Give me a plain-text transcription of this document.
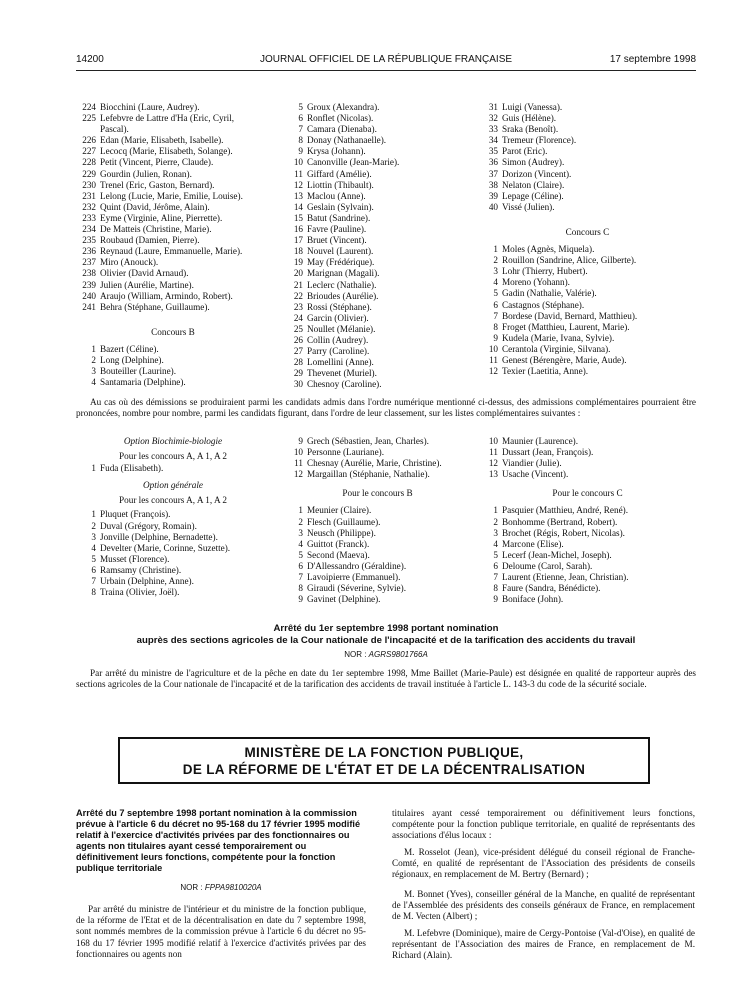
14200	JOURNAL OFFICIEL DE LA RÉPUBLIQUE FRANÇAISE	17 septembre 1998
224 Biocchini (Laure, Audrey).
225 Lefebvre de Lattre d'Ha (Eric, Cyril,
Pascal).
226 Edan (Marie, Elisabeth, Isabelle).
227 Lecocq (Marie, Elisabeth, Solange).
228 Petit (Vincent, Pierre, Claude).
229 Gourdin (Julien, Ronan).
230 Trenel (Eric, Gaston, Bernard).
231 Lelong (Lucie, Marie, Emilie, Louise).
232 Quint (David, Jérôme, Alain).
233 Eyme (Virginie, Aline, Pierrette).
234 De Matteis (Christine, Marie).
235 Roubaud (Damien, Pierre).
236 Reynaud (Laure, Emmanuelle, Marie).
237 Miro (Anouck).
238 Olivier (David Arnaud).
239 Julien (Aurélie, Martine).
240 Araujo (William, Armindo, Robert).
241 Behra (Stéphane, Guillaume).
Concours B
1 Bazert (Céline).
2 Long (Delphine).
3 Bouteiller (Laurine).
4 Santamaria (Delphine).
5 Groux (Alexandra).
6 Ronflet (Nicolas).
7 Camara (Dienaba).
8 Donay (Nathanaelle).
9 Krysa (Johann).
10 Canonville (Jean-Marie).
11 Giffard (Amélie).
12 Liottin (Thibault).
13 Maclou (Anne).
14 Geslain (Sylvain).
15 Batut (Sandrine).
16 Favre (Pauline).
17 Bruet (Vincent).
18 Nouvel (Laurent).
19 May (Frédérique).
20 Marignan (Magali).
21 Leclerc (Nathalie).
22 Brioudes (Aurélie).
23 Rossi (Stéphane).
24 Garcin (Olivier).
25 Noullet (Mélanie).
26 Collin (Audrey).
27 Parry (Caroline).
28 Lomellini (Anne).
29 Thevenet (Muriel).
30 Chesnoy (Caroline).
31 Luigi (Vanessa).
32 Guis (Hélène).
33 Sraka (Benoît).
34 Tremeur (Florence).
35 Parot (Eric).
36 Simon (Audrey).
37 Dorizon (Vincent).
38 Nelaton (Claire).
39 Lepage (Céline).
40 Vissé (Julien).
Concours C
1 Moles (Agnès, Miquela).
2 Rouillon (Sandrine, Alice, Gilberte).
3 Lohr (Thierry, Hubert).
4 Moreno (Yohann).
5 Gadin (Nathalie, Valérie).
6 Castagnos (Stéphane).
7 Bordese (David, Bernard, Matthieu).
8 Froget (Matthieu, Laurent, Marie).
9 Kudela (Marie, Ivana, Sylvie).
10 Cerantola (Virginie, Silvana).
11 Genest (Bérengère, Marie, Aude).
12 Texier (Laetitia, Anne).
Au cas où des démissions se produiraient parmi les candidats admis dans l'ordre numérique mentionné ci-dessus, des admissions complémentaires pourraient être prononcées, nombre pour nombre, parmi les candidats figurant, dans l'ordre de leur classement, sur les listes complémentaires suivantes :
Option Biochimie-biologie
Pour les concours A, A 1, A 2
1 Fuda (Elisabeth).
Option générale
Pour les concours A, A 1, A 2
1 Pluquet (François).
2 Duval (Grégory, Romain).
3 Jonville (Delphine, Bernadette).
4 Develter (Marie, Corinne, Suzette).
5 Musset (Florence).
6 Ramsamy (Christine).
7 Urbain (Delphine, Anne).
8 Traina (Olivier, Joël).
9 Grech (Sébastien, Jean, Charles).
10 Personne (Lauriane).
11 Chesnay (Aurélie, Marie, Christine).
12 Margaillan (Stéphanie, Nathalie).
Pour le concours B
1 Meunier (Claire).
2 Flesch (Guillaume).
3 Neusch (Philippe).
4 Guittot (Franck).
5 Second (Maeva).
6 D'Allessandro (Géraldine).
7 Lavoipierre (Emmanuel).
8 Giraudi (Séverine, Sylvie).
9 Gavinet (Delphine).
10 Maunier (Laurence).
11 Dussart (Jean, François).
12 Viandier (Julie).
13 Usache (Vincent).
Pour le concours C
1 Pasquier (Matthieu, André, René).
2 Bonhomme (Bertrand, Robert).
3 Brochet (Régis, Robert, Nicolas).
4 Marcone (Elise).
5 Lecerf (Jean-Michel, Joseph).
6 Deloume (Carol, Sarah).
7 Laurent (Etienne, Jean, Christian).
8 Faure (Sandra, Bénédicte).
9 Boniface (John).
Arrêté du 1er septembre 1998 portant nomination
auprès des sections agricoles de la Cour nationale de l'incapacité et de la tarification des accidents du travail
NOR : AGRS9801766A
Par arrêté du ministre de l'agriculture et de la pêche en date du 1er septembre 1998, Mme Baillet (Marie-Paule) est désignée en qualité de rapporteur auprès des sections agricoles de la Cour nationale de l'incapacité et de la tarification des accidents de travail instituée à l'article L. 143-3 du code de la sécurité sociale.
MINISTÈRE DE LA FONCTION PUBLIQUE,
DE LA RÉFORME DE L'ÉTAT ET DE LA DÉCENTRALISATION
Arrêté du 7 septembre 1998 portant nomination à la commission prévue à l'article 6 du décret no 95-168 du 17 février 1995 modifié relatif à l'exercice d'activités privées par des fonctionnaires ou agents non titulaires ayant cessé temporairement ou définitivement leurs fonctions, compétente pour la fonction publique territoriale
NOR : FPPA9810020A
Par arrêté du ministre de l'intérieur et du ministre de la fonction publique, de la réforme de l'Etat et de la décentralisation en date du 7 septembre 1998, sont nommés membres de la commission prévue à l'article 6 du décret no 95-168 du 17 février 1995 modifié relatif à l'exercice d'activités privées par des fonctionnaires ou agents non
titulaires ayant cessé temporairement ou définitivement leurs fonctions, compétente pour la fonction publique territoriale, en qualité de représentants des associations d'élus locaux :
M. Rosselot (Jean), vice-président délégué du conseil régional de Franche-Comté, en qualité de représentant de l'Association des présidents de conseils régionaux, en remplacement de M. Bertry (Bernard) ;
M. Bonnet (Yves), conseiller général de la Manche, en qualité de représentant de l'Assemblée des présidents des conseils généraux de France, en remplacement de M. Vecten (Albert) ;
M. Lefebvre (Dominique), maire de Cergy-Pontoise (Val-d'Oise), en qualité de représentant de l'Association des maires de France, en remplacement de M. Richard (Alain).
